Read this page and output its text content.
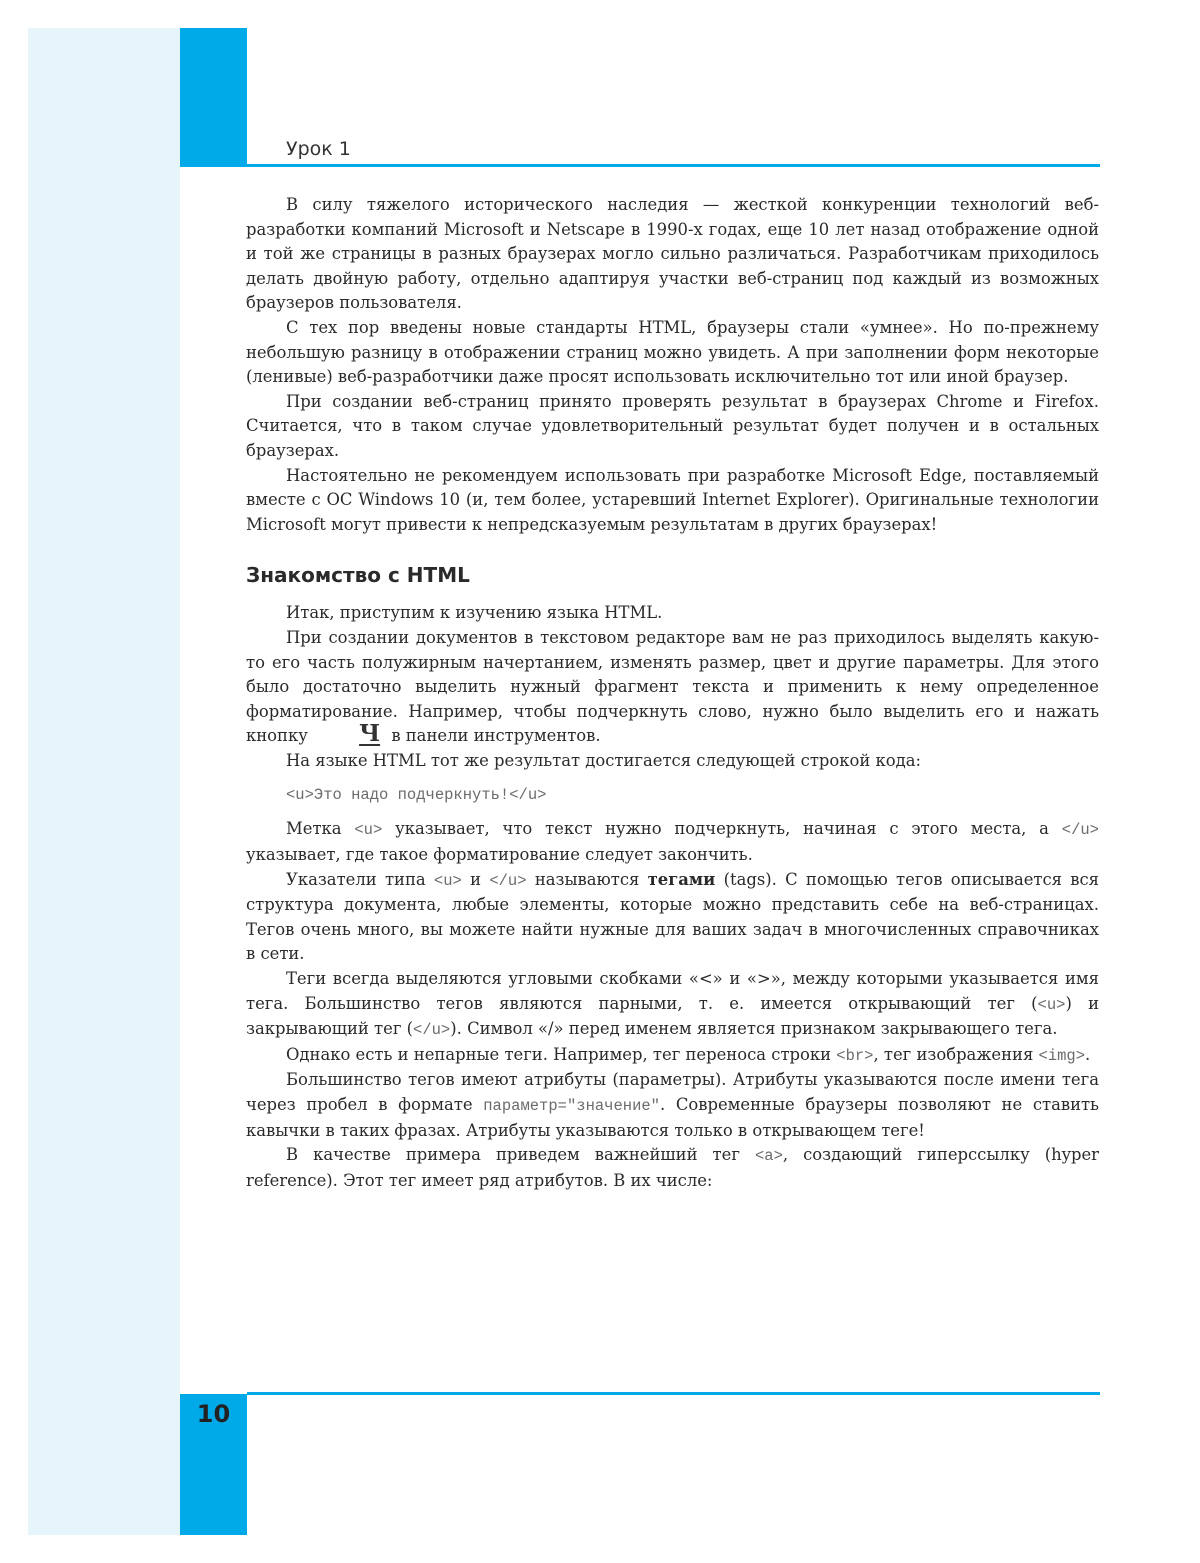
Урок 1
10

В силу тяжелого исторического наследия — жесткой конкуренции технологий веб-разработки компаний Microsoft и Netscape в 1990-х годах, еще 10 лет назад отображение одной и той же страницы в разных браузерах могло сильно различаться. Разработчикам приходилось делать двойную работу, отдельно адаптируя участки веб-страниц под каждый из возможных браузеров пользователя.

С тех пор введены новые стандарты HTML, браузеры стали «умнее». Но по-прежнему небольшую разницу в отображении страниц можно увидеть. А при заполнении форм некоторые (ленивые) веб-разработчики даже просят использовать исключительно тот или иной браузер.

При создании веб-страниц принято проверять результат в браузерах Chrome и Firefox. Считается, что в таком случае удовлетворительный результат будет получен и в остальных браузерах.

Настоятельно не рекомендуем использовать при разработке Microsoft Edge, поставляемый вместе с ОС Windows 10 (и, тем более, устаревший Internet Explorer). Оригинальные технологии Microsoft могут привести к непредсказуемым результатам в других браузерах!

Знакомство с HTML

Итак, приступим к изучению языка HTML.

При создании документов в текстовом редакторе вам не раз приходилось выделять какую-то его часть полужирным начертанием, изменять размер, цвет и другие параметры. Для этого было достаточно выделить нужный фрагмент текста и применить к нему определенное форматирование. Например, чтобы подчеркнуть слово, нужно было выделить его и нажать кнопку Ч в панели инструментов.

На языке HTML тот же результат достигается следующей строкой кода:

<u>Это надо подчеркнуть!</u>

Метка <u> указывает, что текст нужно подчеркнуть, начиная с этого места, а </u> указывает, где такое форматирование следует закончить.

Указатели типа <u> и </u> называются тегами (tags). С помощью тегов описывается вся структура документа, любые элементы, которые можно представить себе на веб-страницах. Тегов очень много, вы можете найти нужные для ваших задач в многочисленных справочниках в сети.

Теги всегда выделяются угловыми скобками «<» и «>», между которыми указывается имя тега. Большинство тегов являются парными, т. е. имеется открывающий тег (<u>) и закрывающий тег (</u>). Символ «/» перед именем является признаком закрывающего тега.

Однако есть и непарные теги. Например, тег переноса строки <br>, тег изображения <img>.

Большинство тегов имеют атрибуты (параметры). Атрибуты указываются после имени тега через пробел в формате параметр="значение". Современные браузеры позволяют не ставить кавычки в таких фразах. Атрибуты указываются только в открывающем теге!

В качестве примера приведем важнейший тег <a>, создающий гиперссылку (hyper reference). Этот тег имеет ряд атрибутов. В их числе:
